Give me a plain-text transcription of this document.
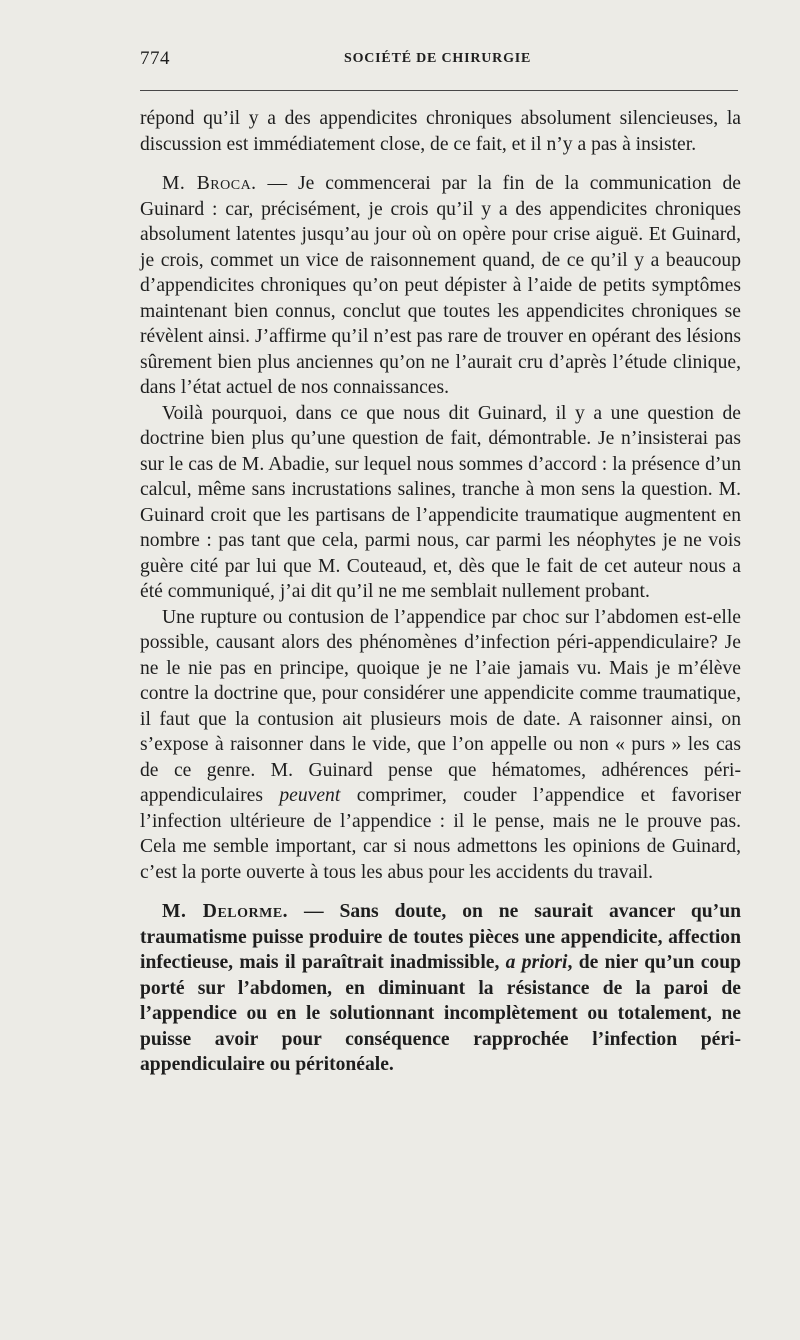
774	SOCIÉTÉ DE CHIRURGIE

répond qu’il y a des appendicites chroniques absolument silencieuses, la discussion est immédiatement close, de ce fait, et il n’y a pas à insister.

M. Broca. — Je commencerai par la fin de la communication de Guinard : car, précisément, je crois qu’il y a des appendicites chroniques absolument latentes jusqu’au jour où on opère pour crise aiguë. Et Guinard, je crois, commet un vice de raisonnement quand, de ce qu’il y a beaucoup d’appendicites chroniques qu’on peut dépister à l’aide de petits symptômes maintenant bien connus, conclut que toutes les appendicites chroniques se révèlent ainsi. J’affirme qu’il n’est pas rare de trouver en opérant des lésions sûrement bien plus anciennes qu’on ne l’aurait cru d’après l’étude clinique, dans l’état actuel de nos connaissances.

Voilà pourquoi, dans ce que nous dit Guinard, il y a une question de doctrine bien plus qu’une question de fait, démontrable. Je n’insisterai pas sur le cas de M. Abadie, sur lequel nous sommes d’accord : la présence d’un calcul, même sans incrustations salines, tranche à mon sens la question. M. Guinard croit que les partisans de l’appendicite traumatique augmentent en nombre : pas tant que cela, parmi nous, car parmi les néophytes je ne vois guère cité par lui que M. Couteaud, et, dès que le fait de cet auteur nous a été communiqué, j’ai dit qu’il ne me semblait nullement probant.

Une rupture ou contusion de l’appendice par choc sur l’abdomen est-elle possible, causant alors des phénomènes d’infection péri-appendiculaire? Je ne le nie pas en principe, quoique je ne l’aie jamais vu. Mais je m’élève contre la doctrine que, pour considérer une appendicite comme traumatique, il faut que la contusion ait plusieurs mois de date. A raisonner ainsi, on s’expose à raisonner dans le vide, que l’on appelle ou non « purs » les cas de ce genre. M. Guinard pense que hématomes, adhérences péri-appendiculaires peuvent comprimer, couder l’appendice et favoriser l’infection ultérieure de l’appendice : il le pense, mais ne le prouve pas. Cela me semble important, car si nous admettons les opinions de Guinard, c’est la porte ouverte à tous les abus pour les accidents du travail.

M. Delorme. — Sans doute, on ne saurait avancer qu’un traumatisme puisse produire de toutes pièces une appendicite, affection infectieuse, mais il paraîtrait inadmissible, a priori, de nier qu’un coup porté sur l’abdomen, en diminuant la résistance de la paroi de l’appendice ou en le solutionnant incomplètement ou totalement, ne puisse avoir pour conséquence rapprochée l’infection péri-appendiculaire ou péritonéale.
